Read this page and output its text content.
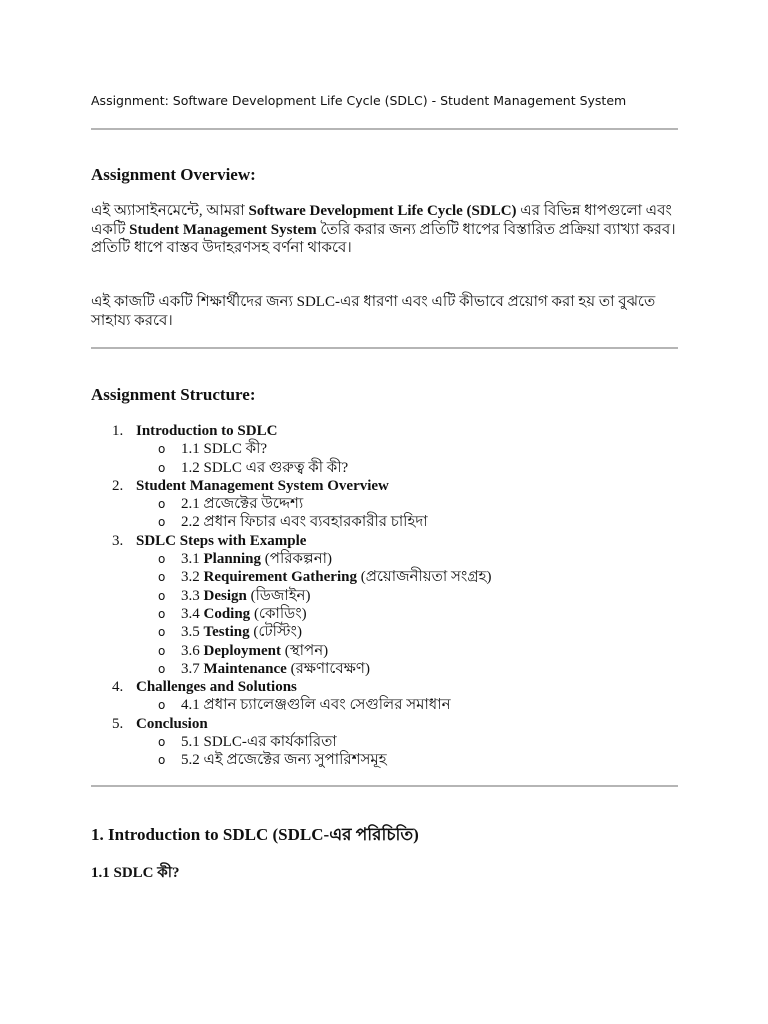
Assignment: Software Development Life Cycle (SDLC) - Student Management System
Assignment Overview:
এই অ্যাসাইনমেন্টে, আমরা Software Development Life Cycle (SDLC) এর বিভিন্ন ধাপগুলো এবং একটি Student Management System তৈরি করার জন্য প্রতিটি ধাপের বিস্তারিত প্রক্রিয়া ব্যাখ্যা করব। প্রতিটি ধাপে বাস্তব উদাহরণসহ বর্ণনা থাকবে।
এই কাজটি একটি শিক্ষার্থীদের জন্য SDLC-এর ধারণা এবং এটি কীভাবে প্রয়োগ করা হয় তা বুঝতে সাহায্য করবে।
Assignment Structure:
1. Introduction to SDLC
o 1.1 SDLC কী?
o 1.2 SDLC এর গুরুত্ব কী কী?
2. Student Management System Overview
o 2.1 প্রজেক্টের উদ্দেশ্য
o 2.2 প্রধান ফিচার এবং ব্যবহারকারীর চাহিদা
3. SDLC Steps with Example
o 3.1 Planning (পরিকল্পনা)
o 3.2 Requirement Gathering (প্রয়োজনীয়তা সংগ্রহ)
o 3.3 Design (ডিজাইন)
o 3.4 Coding (কোডিং)
o 3.5 Testing (টেস্টিং)
o 3.6 Deployment (স্থাপন)
o 3.7 Maintenance (রক্ষণাবেক্ষণ)
4. Challenges and Solutions
o 4.1 প্রধান চ্যালেঞ্জগুলি এবং সেগুলির সমাধান
5. Conclusion
o 5.1 SDLC-এর কার্যকারিতা
o 5.2 এই প্রজেক্টের জন্য সুপারিশসমূহ
1. Introduction to SDLC (SDLC-এর পরিচিতি)
1.1 SDLC কী?
